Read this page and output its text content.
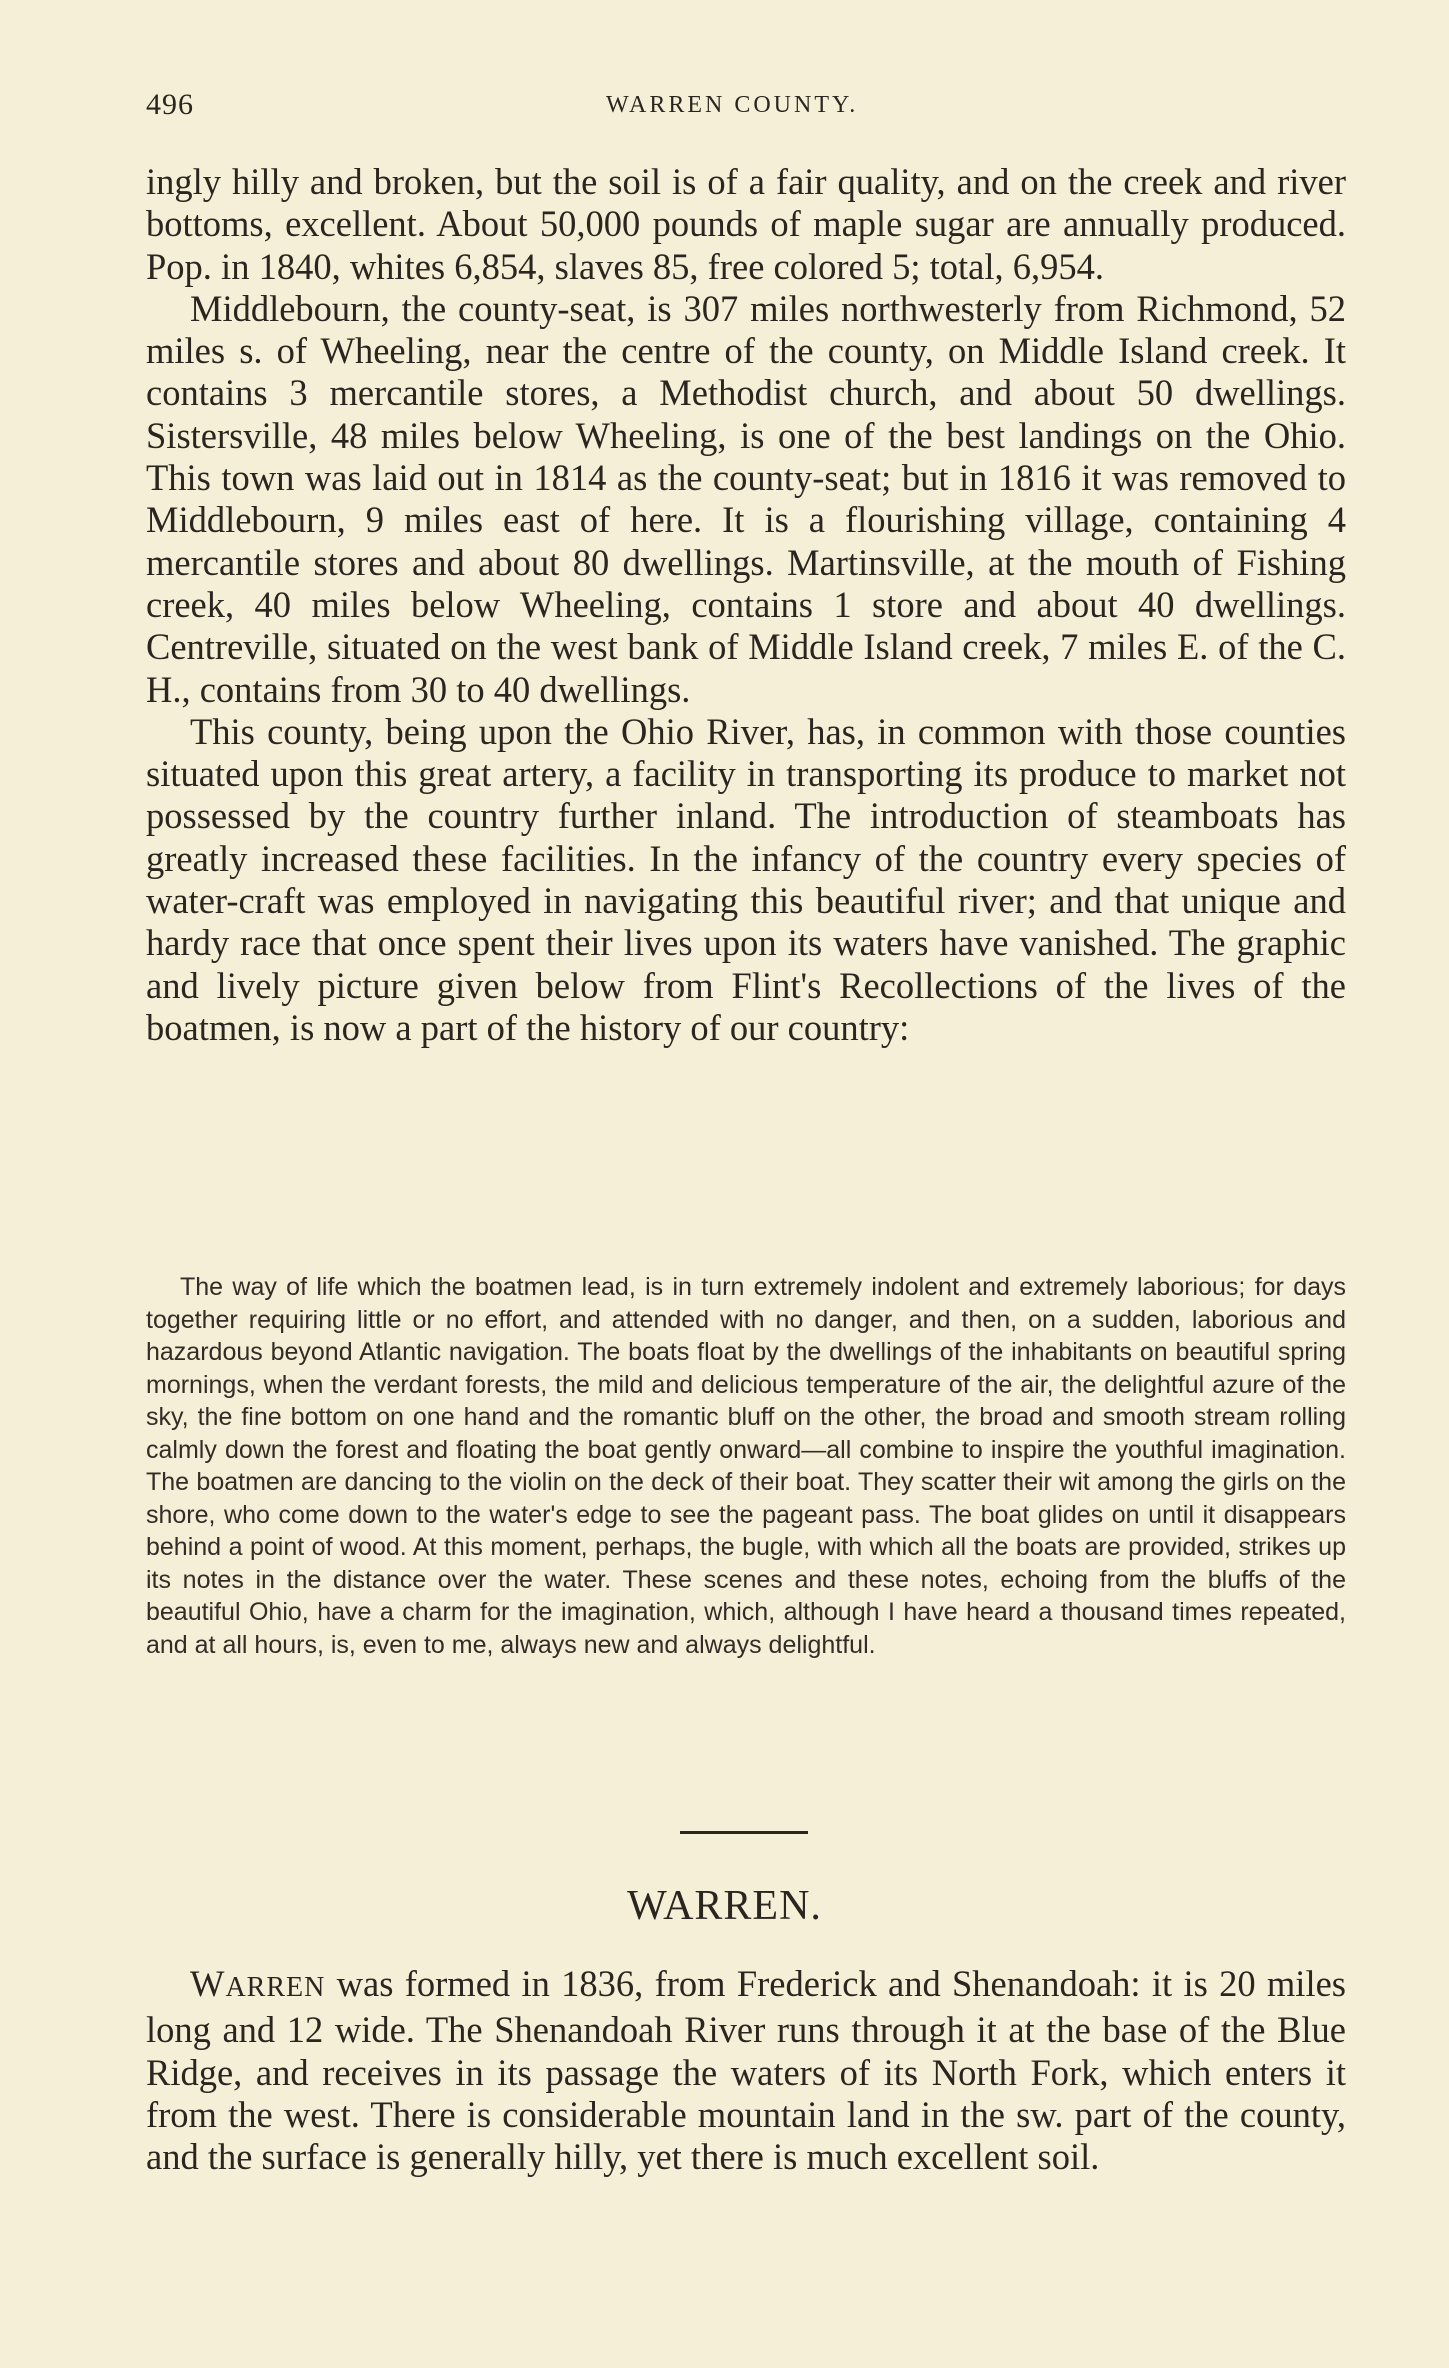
496	WARREN COUNTY.

ingly hilly and broken, but the soil is of a fair quality, and on the creek and river bottoms, excellent. About 50,000 pounds of maple sugar are annually produced. Pop. in 1840, whites 6,854, slaves 85, free colored 5; total, 6,954.

Middlebourn, the county-seat, is 307 miles northwesterly from Richmond, 52 miles s. of Wheeling, near the centre of the county, on Middle Island creek. It contains 3 mercantile stores, a Methodist church, and about 50 dwellings. Sistersville, 48 miles below Wheeling, is one of the best landings on the Ohio. This town was laid out in 1814 as the county-seat; but in 1816 it was removed to Middlebourn, 9 miles east of here. It is a flourishing village, containing 4 mercantile stores and about 80 dwellings. Martinsville, at the mouth of Fishing creek, 40 miles below Wheeling, contains 1 store and about 40 dwellings. Centreville, situated on the west bank of Middle Island creek, 7 miles E. of the C. H., contains from 30 to 40 dwellings.

This county, being upon the Ohio River, has, in common with those counties situated upon this great artery, a facility in transporting its produce to market not possessed by the country further inland. The introduction of steamboats has greatly increased these facilities. In the infancy of the country every species of water-craft was employed in navigating this beautiful river; and that unique and hardy race that once spent their lives upon its waters have vanished. The graphic and lively picture given below from Flint's Recollections of the lives of the boatmen, is now a part of the history of our country:

The way of life which the boatmen lead, is in turn extremely indolent and extremely laborious; for days together requiring little or no effort, and attended with no danger, and then, on a sudden, laborious and hazardous beyond Atlantic navigation. The boats float by the dwellings of the inhabitants on beautiful spring mornings, when the verdant forests, the mild and delicious temperature of the air, the delightful azure of the sky, the fine bottom on one hand and the romantic bluff on the other, the broad and smooth stream rolling calmly down the forest and floating the boat gently onward—all combine to inspire the youthful imagination. The boatmen are dancing to the violin on the deck of their boat. They scatter their wit among the girls on the shore, who come down to the water's edge to see the pageant pass. The boat glides on until it disappears behind a point of wood. At this moment, perhaps, the bugle, with which all the boats are provided, strikes up its notes in the distance over the water. These scenes and these notes, echoing from the bluffs of the beautiful Ohio, have a charm for the imagination, which, although I have heard a thousand times repeated, and at all hours, is, even to me, always new and always delightful.

WARREN.

WARREN was formed in 1836, from Frederick and Shenandoah: it is 20 miles long and 12 wide. The Shenandoah River runs through it at the base of the Blue Ridge, and receives in its passage the waters of its North Fork, which enters it from the west. There is considerable mountain land in the sw. part of the county, and the surface is generally hilly, yet there is much excellent soil.
